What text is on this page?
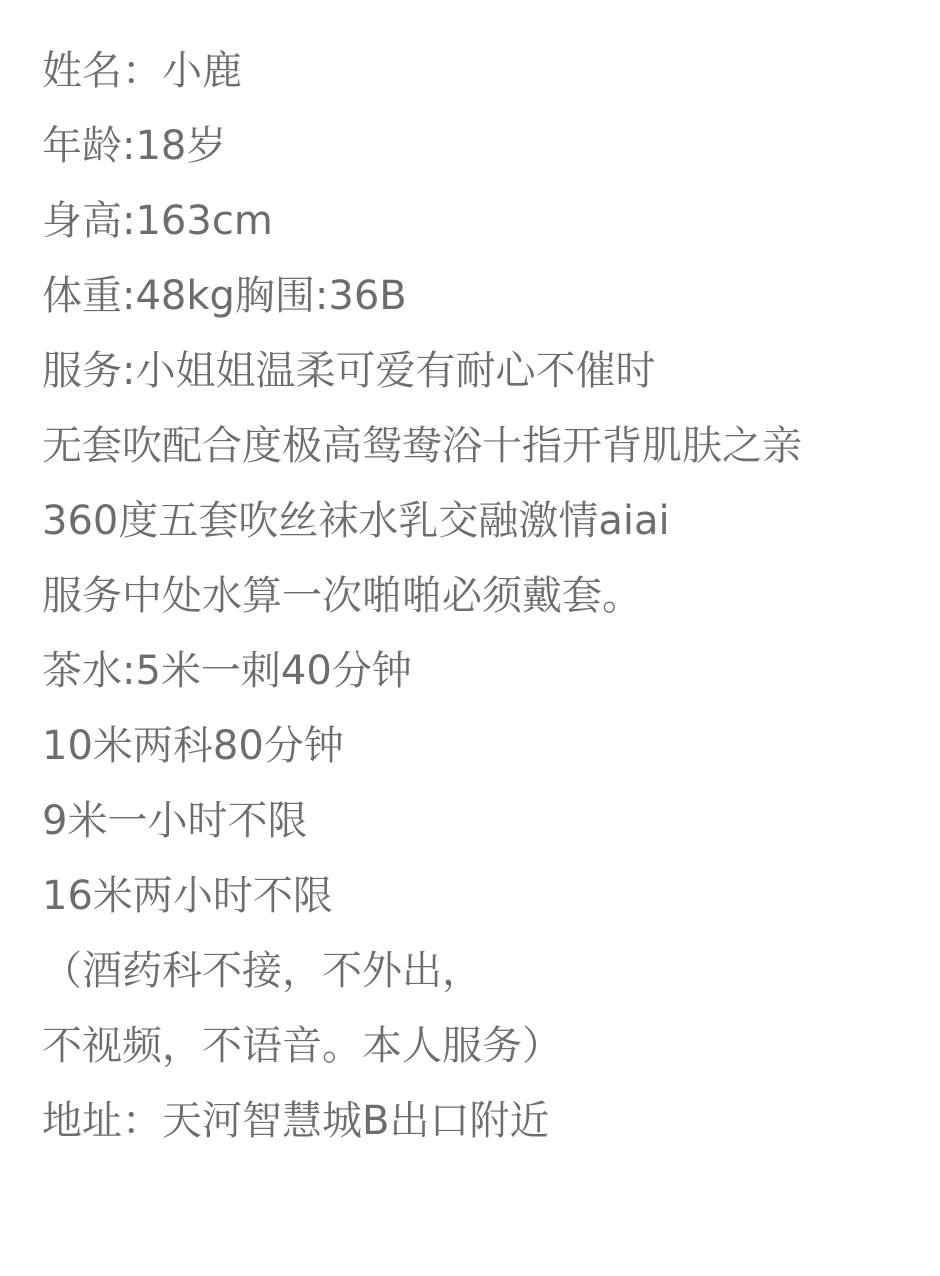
姓名：小鹿
年龄:18岁
身高:163cm
体重:48kg胸围:36B
服务:小姐姐温柔可爱有耐心不催时
无套吹配合度极高鸳鸯浴十指开背肌肤之亲
360度五套吹丝袜水乳交融激情aiai
服务中处水算一次啪啪必须戴套。
茶水:5米一刺40分钟
10米两科80分钟
9米一小时不限
16米两小时不限
（酒药科不接，不外出，
不视频，不语音。本人服务）
地址：天河智慧城B出口附近
